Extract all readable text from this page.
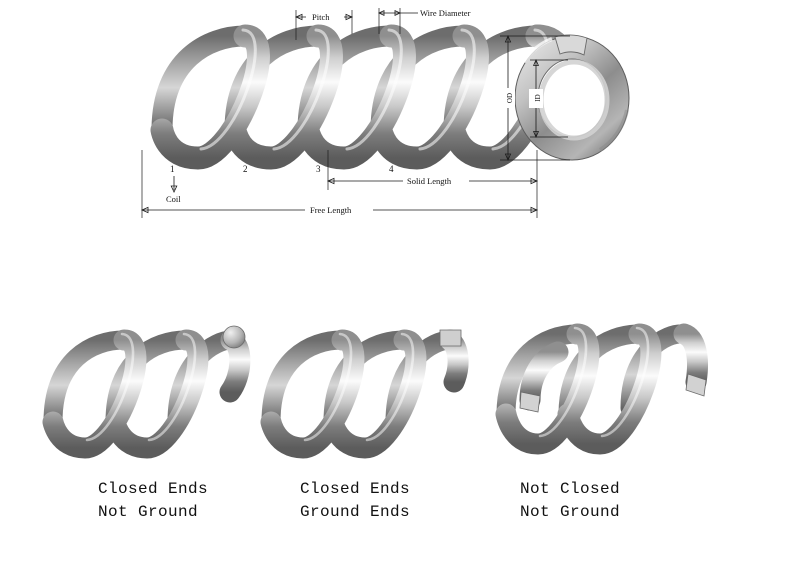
Pitch	Wire Diameter
1	2	3	4
Coil
Solid Length
Free Length
OD	ID
Closed Ends
Not Ground
Closed Ends
Ground Ends
Not Closed
Not Ground
